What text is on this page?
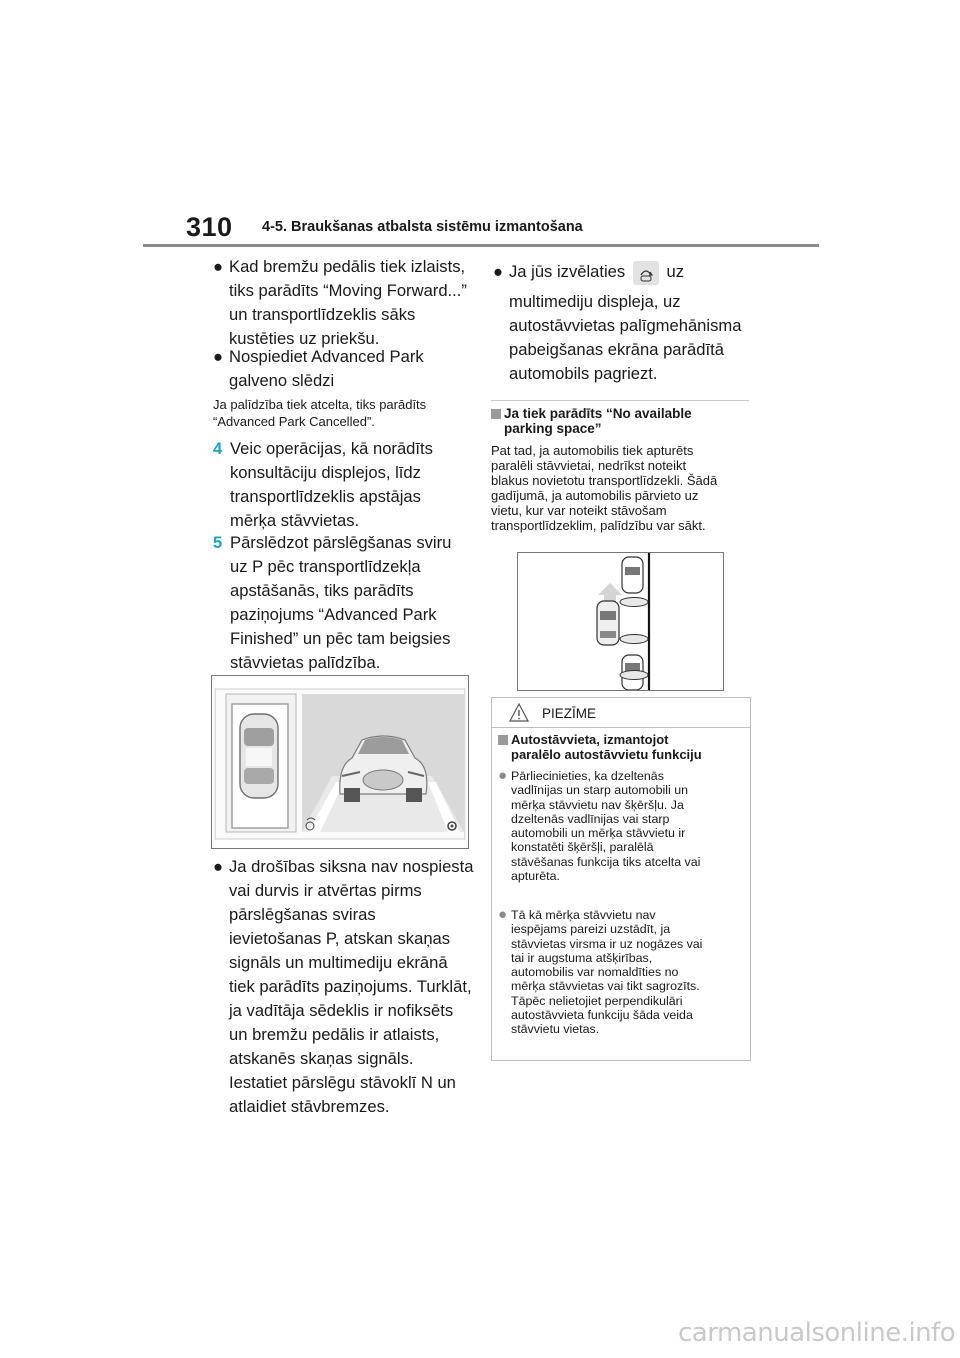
310 4-5. Braukšanas atbalsta sistēmu izmantošana
● Kad bremžu pedālis tiek izlaists,
tiks parādīts “Moving Forward...”
un transportlīdzeklis sāks
kustēties uz priekšu.
● Nospiediet Advanced Park
galveno slēdzi
Ja palīdzība tiek atcelta, tiks parādīts
“Advanced Park Cancelled”.
4 Veic operācijas, kā norādīts
konsultāciju displejos, līdz
transportlīdzeklis apstājas
mērķa stāvvietas.
5 Pārslēdzot pārslēgšanas sviru
uz P pēc transportlīdzekļa
apstāšanās, tiks parādīts
paziņojums “Advanced Park
Finished” un pēc tam beigsies
stāvvietas palīdzība.
● Ja drošības siksna nav nospiesta
vai durvis ir atvērtas pirms
pārslēgšanas sviras
ievietošanas P, atskan skaņas
signāls un multimediju ekrānā
tiek parādīts paziņojums. Turklāt,
ja vadītāja sēdeklis ir nofiksēts
un bremžu pedālis ir atlaists,
atskanēs skaņas signāls.
Iestatiet pārslēgu stāvoklī N un
atlaidiet stāvbremzes.
● Ja jūs izvēlaties uz
multimediju displeja, uz
autostāvvietas palīgmehānisma
pabeigšanas ekrāna parādītā
automobils pagriezt.
Ja tiek parādīts “No available
parking space”
Pat tad, ja automobilis tiek apturēts
paralēli stāvvietai, nedrīkst noteikt
blakus novietotu transportlīdzekli. Šādā
gadījumā, ja automobilis pārvieto uz
vietu, kur var noteikt stāvošam
transportlīdzeklim, palīdzību var sākt.
PIEZĪME
Autostāvvieta, izmantojot
paralēlo autostāvvietu funkciju
● Pārliecinieties, ka dzeltenās
vadlīnijas un starp automobili un
mērķa stāvvietu nav šķēršļu. Ja
dzeltenās vadlīnijas vai starp
automobili un mērķa stāvvietu ir
konstatēti šķēršļi, paralēlā
stāvēšanas funkcija tiks atcelta vai
apturēta.
● Tā kā mērķa stāvvietu nav
iespējams pareizi uzstādīt, ja
stāvvietas virsma ir uz nogāzes vai
tai ir augstuma atšķirības,
automobilis var nomaldīties no
mērķa stāvvietas vai tikt sagrozīts.
Tāpēc nelietojiet perpendikulāri
autostāvvieta funkciju šāda veida
stāvvietu vietas.
carmanualsonline.info
